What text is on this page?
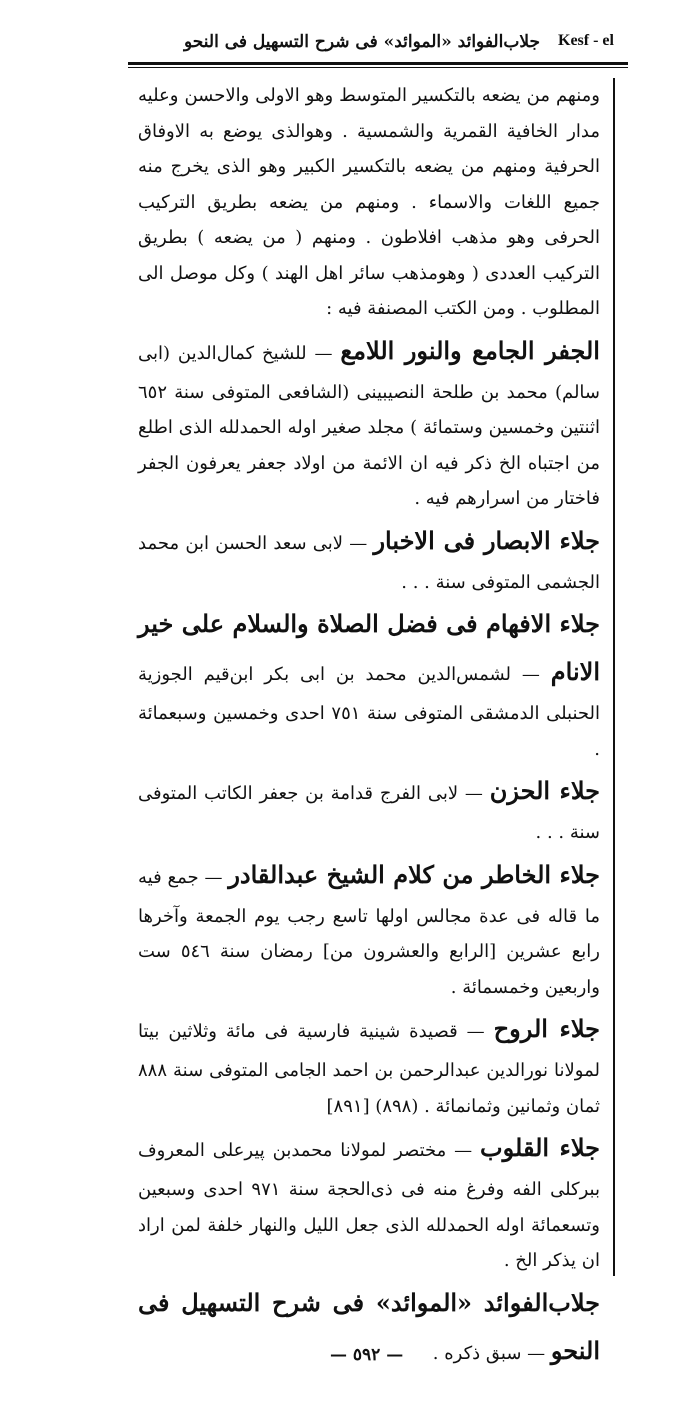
جلاب‌الفوائد «الموائد» فى شرح التسهيل فى النحو Kesf - el

ومنهم من يضعه بالتكسير المتوسط وهو الاولى والاحسن وعليه مدار الخافية القمرية والشمسية . وهوالذى يوضع به الاوفاق الحرفية ومنهم من يضعه بالتكسير الكبير وهو الذى يخرج منه جميع اللغات والاسماء . ومنهم من يضعه بطريق التركيب الحرفى وهو مذهب افلاطون . ومنهم ( من يضعه ) بطريق التركيب العددى ( وهومذهب سائر اهل الهند ) وكل موصل الى المطلوب . ومن الكتب المصنفة فيه :

الجفر الجامع والنور اللامع — للشيخ كمال‌الدين (ابى سالم) محمد بن طلحة النصيبينى (الشافعى المتوفى سنة ٦٥٢ اثنتين وخمسين وستمائة ) مجلد صغير اوله الحمدلله الذى اطلع من اجتباه الخ ذكر فيه ان الائمة من اولاد جعفر يعرفون الجفر فاختار من اسرارهم فيه .

جلاء الابصار فى الاخبار — لابى سعد الحسن ابن محمد الجشمى المتوفى سنة . . .

جلاء الافهام فى فضل الصلاة والسلام على خير الانام — لشمس‌الدين محمد بن ابى بكر ابن‌قيم الجوزية الحنبلى الدمشقى المتوفى سنة ٧٥١ احدى وخمسين وسبعمائة .

جلاء الحزن — لابى الفرج قدامة بن جعفر الكاتب المتوفى سنة . . .

جلاء الخاطر من كلام الشيخ عبدالقادر — جمع فيه ما قاله فى عدة مجالس اولها تاسع رجب يوم الجمعة وآخرها رابع عشرين [الرابع والعشرون من] رمضان سنة ٥٤٦ ست واربعين وخمسمائة .

جلاء الروح — قصيدة شينية فارسية فى مائة وثلاثين بيتا لمولانا نورالدين عبدالرحمن بن احمد الجامى المتوفى سنة ٨٨٨ ثمان وثمانين وثمانمائة . (٨٩٨) [٨٩١]

جلاء القلوب — مختصر لمولانا محمدبن پیرعلى المعروف ببركلى الفه وفرغ منه فى ذى‌الحجة سنة ٩٧١ احدى وسبعين وتسعمائة اوله الحمدلله الذى جعل الليل والنهار خلفة لمن اراد ان يذكر الخ .

جلاب‌الفوائد «الموائد» فى شرح التسهيل فى النحو — سبق ذكره .

— ٥٩٢ —
